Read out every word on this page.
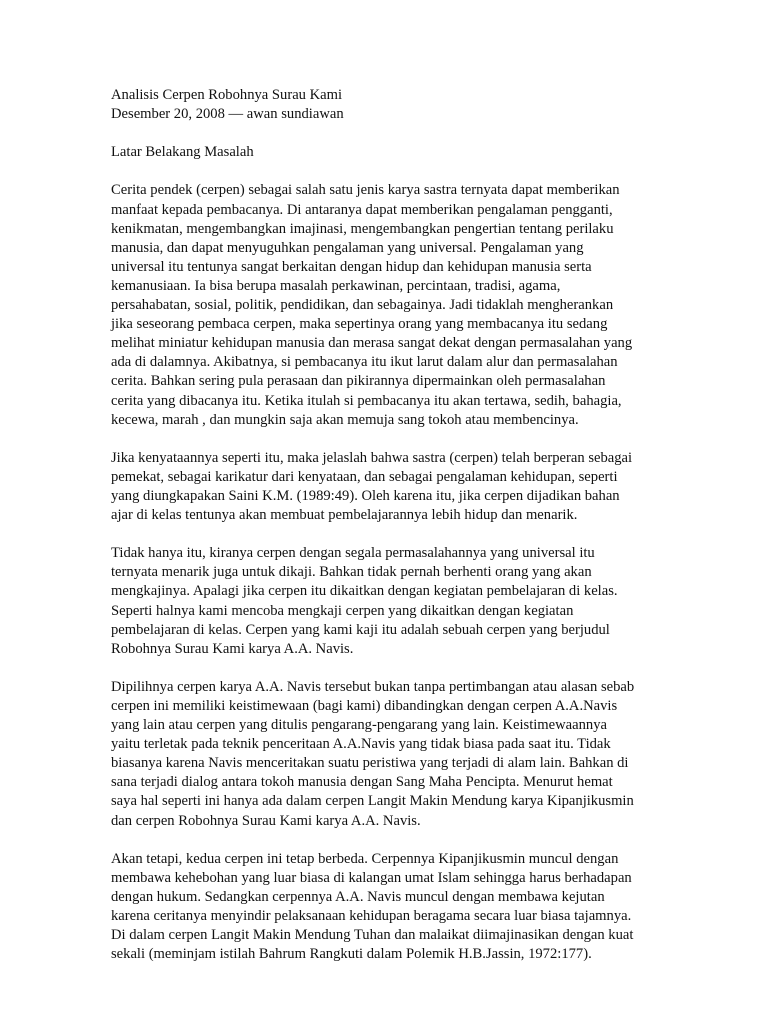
Analisis Cerpen Robohnya Surau Kami
Desember 20, 2008 — awan sundiawan
Latar Belakang Masalah
Cerita pendek (cerpen) sebagai salah satu jenis karya sastra ternyata dapat memberikan
manfaat kepada pembacanya. Di antaranya dapat memberikan pengalaman pengganti,
kenikmatan, mengembangkan imajinasi, mengembangkan pengertian tentang perilaku
manusia, dan dapat menyuguhkan pengalaman yang universal. Pengalaman yang
universal itu tentunya sangat berkaitan dengan hidup dan kehidupan manusia serta
kemanusiaan. Ia bisa berupa masalah perkawinan, percintaan, tradisi, agama,
persahabatan, sosial, politik, pendidikan, dan sebagainya. Jadi tidaklah mengherankan
jika seseorang pembaca cerpen, maka sepertinya orang yang membacanya itu sedang
melihat miniatur kehidupan manusia dan merasa sangat dekat dengan permasalahan yang
ada di dalamnya. Akibatnya, si pembacanya itu ikut larut dalam alur dan permasalahan
cerita. Bahkan sering pula perasaan dan pikirannya dipermainkan oleh permasalahan
cerita yang dibacanya itu. Ketika itulah si pembacanya itu akan tertawa, sedih, bahagia,
kecewa, marah , dan mungkin saja akan memuja sang tokoh atau membencinya.
Jika kenyataannya seperti itu, maka jelaslah bahwa sastra (cerpen) telah berperan sebagai
pemekat, sebagai karikatur dari kenyataan, dan sebagai pengalaman kehidupan, seperti
yang diungkapakan Saini K.M. (1989:49). Oleh karena itu, jika cerpen dijadikan bahan
ajar di kelas tentunya akan membuat pembelajarannya lebih hidup dan menarik.
Tidak hanya itu, kiranya cerpen dengan segala permasalahannya yang universal itu
ternyata menarik juga untuk dikaji. Bahkan tidak pernah berhenti orang yang akan
mengkajinya. Apalagi jika cerpen itu dikaitkan dengan kegiatan pembelajaran di kelas.
Seperti halnya kami mencoba mengkaji cerpen yang dikaitkan dengan kegiatan
pembelajaran di kelas. Cerpen yang kami kaji itu adalah sebuah cerpen yang berjudul
Robohnya Surau Kami karya A.A. Navis.
Dipilihnya cerpen karya A.A. Navis tersebut bukan tanpa pertimbangan atau alasan sebab
cerpen ini memiliki keistimewaan (bagi kami) dibandingkan dengan cerpen A.A.Navis
yang lain atau cerpen yang ditulis pengarang-pengarang yang lain. Keistimewaannya
yaitu terletak pada teknik penceritaan A.A.Navis yang tidak biasa pada saat itu. Tidak
biasanya karena Navis menceritakan suatu peristiwa yang terjadi di alam lain. Bahkan di
sana terjadi dialog antara tokoh manusia dengan Sang Maha Pencipta. Menurut hemat
saya hal seperti ini hanya ada dalam cerpen Langit Makin Mendung karya Kipanjikusmin
dan cerpen Robohnya Surau Kami karya A.A. Navis.
Akan tetapi, kedua cerpen ini tetap berbeda. Cerpennya Kipanjikusmin muncul dengan
membawa kehebohan yang luar biasa di kalangan umat Islam sehingga harus berhadapan
dengan hukum. Sedangkan cerpennya A.A. Navis muncul dengan membawa kejutan
karena ceritanya menyindir pelaksanaan kehidupan beragama secara luar biasa tajamnya.
Di dalam cerpen Langit Makin Mendung Tuhan dan malaikat diimajinasikan dengan kuat
sekali (meminjam istilah Bahrum Rangkuti dalam Polemik H.B.Jassin, 1972:177).
